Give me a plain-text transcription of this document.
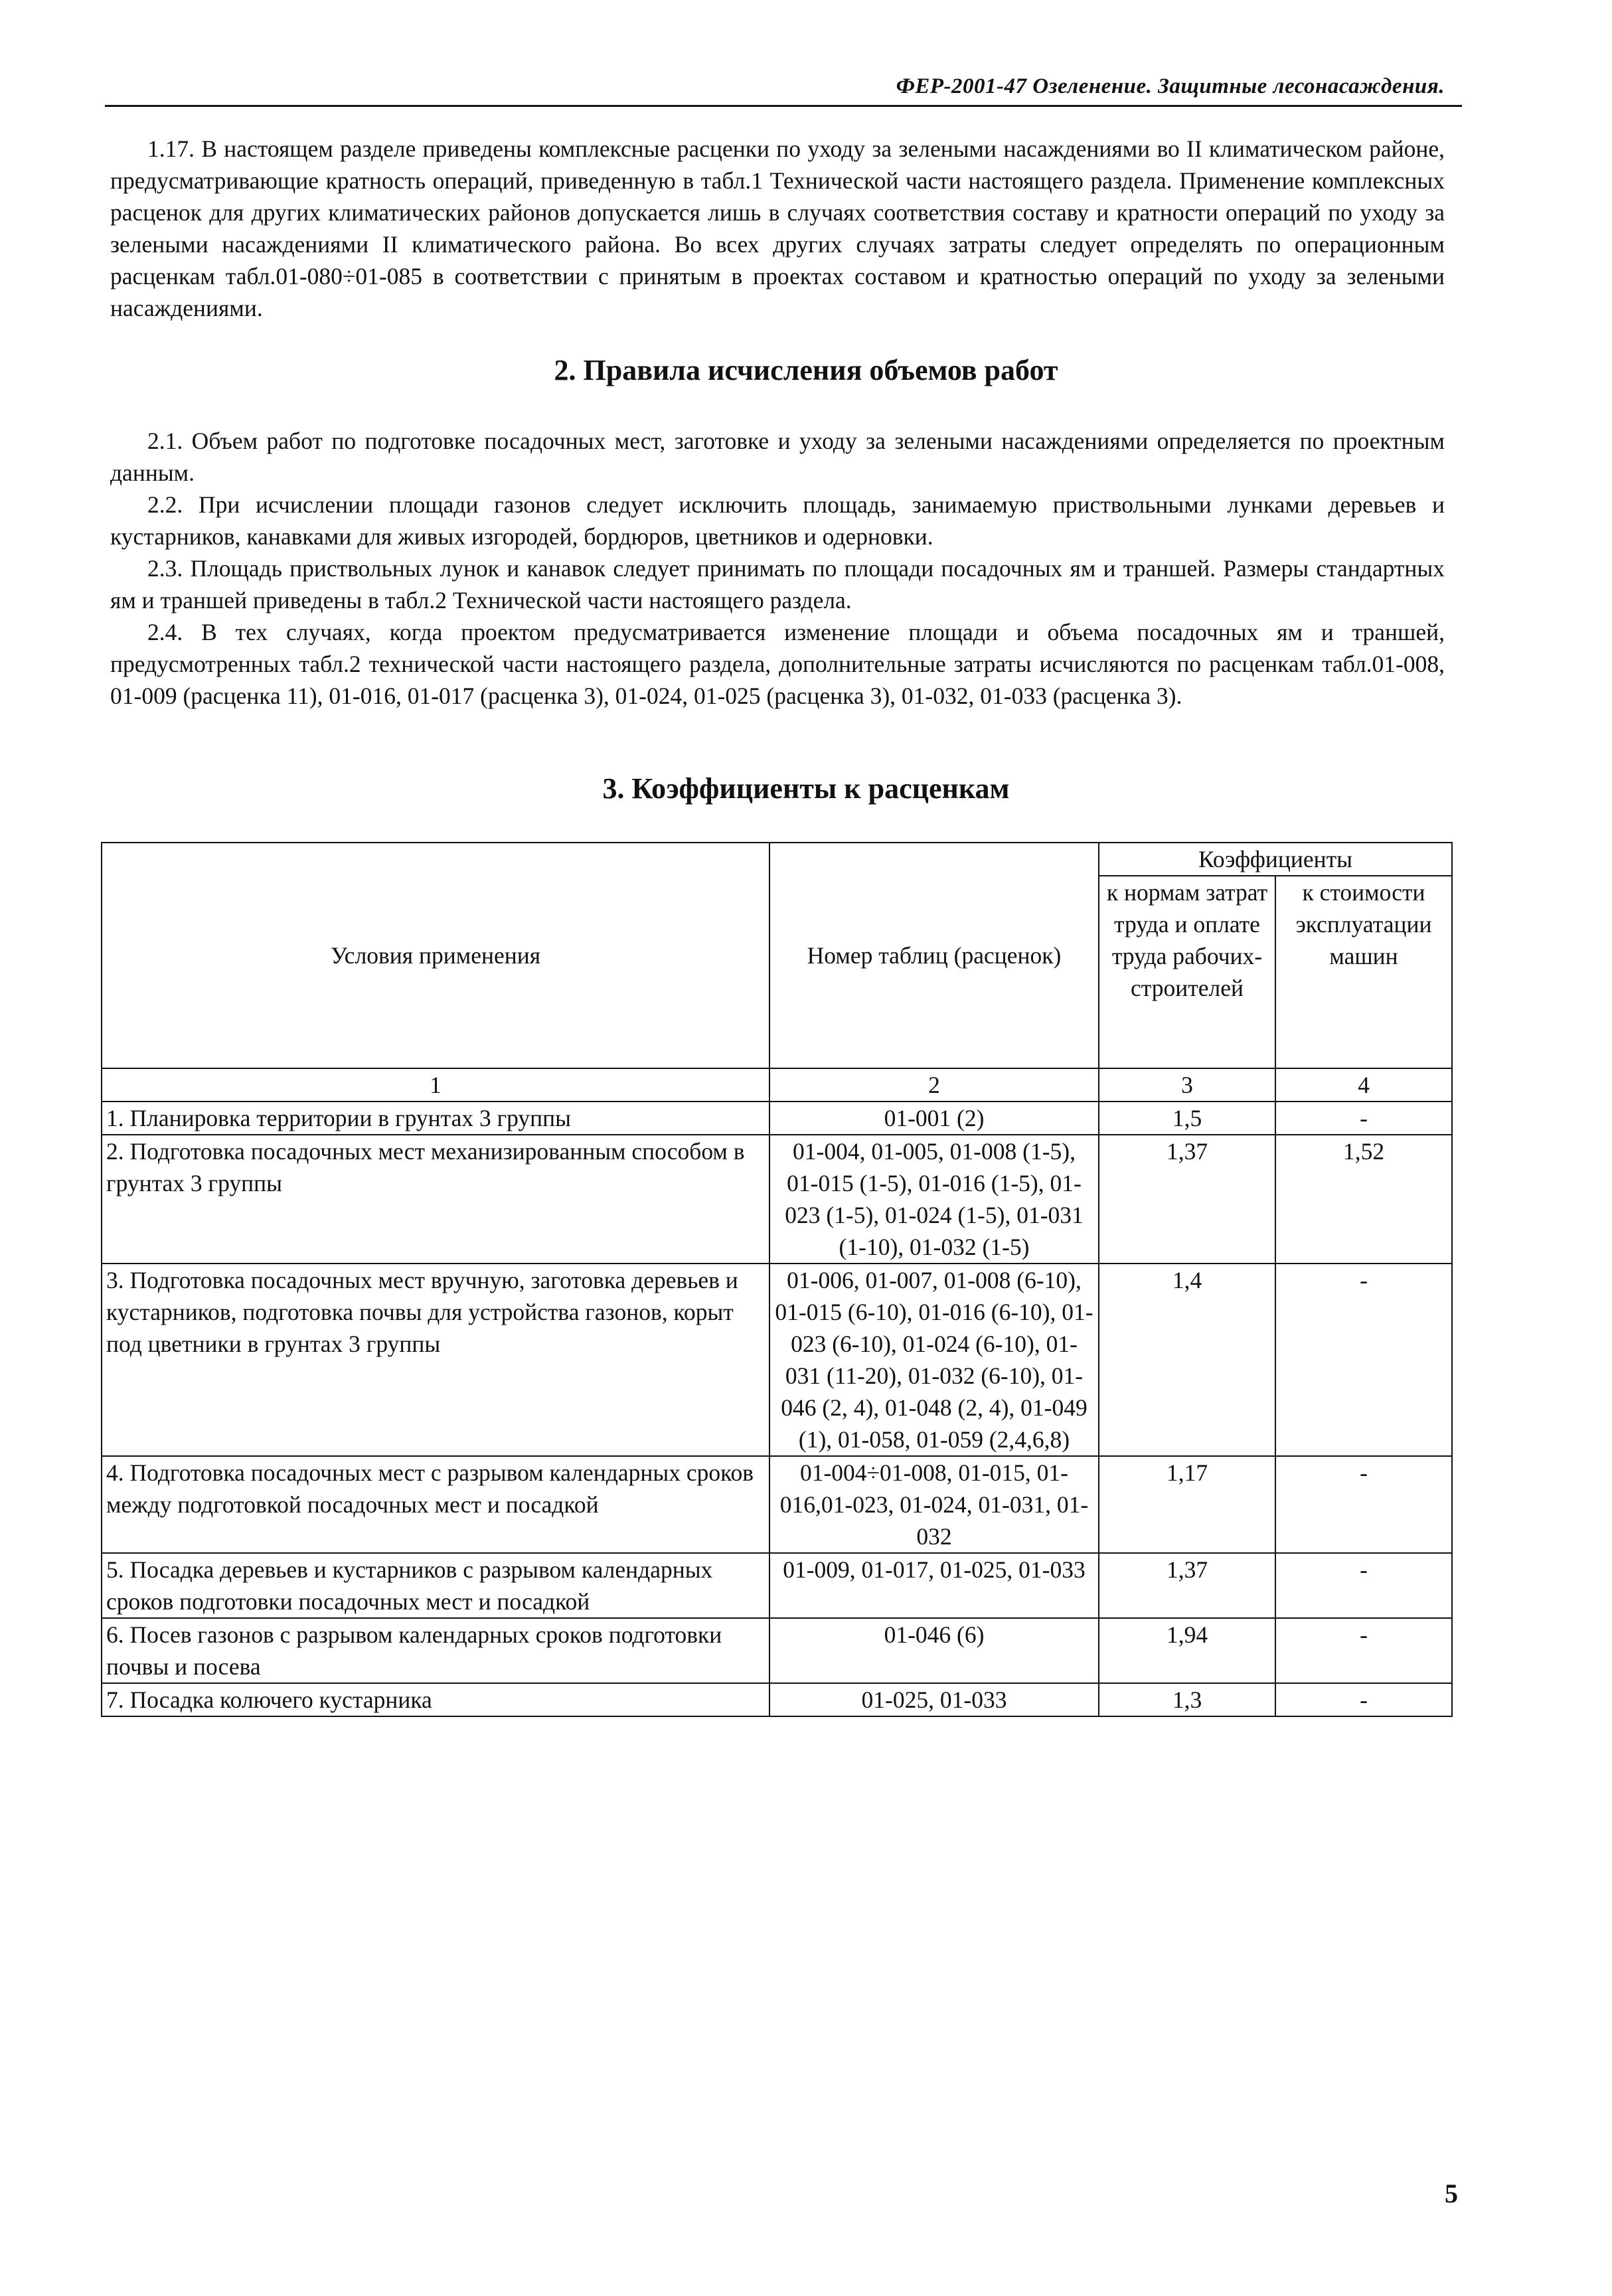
ФЕР-2001-47 Озеленение. Защитные лесонасаждения.

1.17. В настоящем разделе приведены комплексные расценки по уходу за зелеными насаждениями во II климатическом районе, предусматривающие кратность операций, приведенную в табл.1 Технической части настоящего раздела. Применение комплексных расценок для других климатических районов допускается лишь в случаях соответствия составу и кратности операций по уходу за зелеными насаждениями II климатического района. Во всех других случаях затраты следует определять по операционным расценкам табл.01-080÷01-085 в соответствии с принятым в проектах составом и кратностью операций по уходу за зелеными насаждениями.

2. Правила исчисления объемов работ

2.1. Объем работ по подготовке посадочных мест, заготовке и уходу за зелеными насаждениями определяется по проектным данным.

2.2. При исчислении площади газонов следует исключить площадь, занимаемую приствольными лунками деревьев и кустарников, канавками для живых изгородей, бордюров, цветников и одерновки.

2.3. Площадь приствольных лунок и канавок следует принимать по площади посадочных ям и траншей. Размеры стандартных ям и траншей приведены в табл.2 Технической части настоящего раздела.

2.4. В тех случаях, когда проектом предусматривается изменение площади и объема посадочных ям и траншей, предусмотренных табл.2 технической части настоящего раздела, дополнительные затраты исчисляются по расценкам табл.01-008, 01-009 (расценка 11), 01-016, 01-017 (расценка 3), 01-024, 01-025 (расценка 3), 01-032, 01-033 (расценка 3).

3. Коэффициенты к расценкам
Условия применения	Номер таблиц (расценок)	Коэффициенты	
		к нормам затрат труда и оплате труда рабочих-строителей	к стоимости эксплуатации машин
1	2	3	4
1. Планировка территории в грунтах 3 группы	01-001 (2)	1,5	-
2. Подготовка посадочных мест механизированным способом в грунтах 3 группы	01-004, 01-005, 01-008 (1-5), 01-015 (1-5), 01-016 (1-5), 01-023 (1-5), 01-024 (1-5), 01-031 (1-10), 01-032 (1-5)	1,37	1,52
3. Подготовка посадочных мест вручную, заготовка деревьев и кустарников, подготовка почвы для устройства газонов, корыт под цветники в грунтах 3 группы	01-006, 01-007, 01-008 (6-10), 01-015 (6-10), 01-016 (6-10), 01-023 (6-10), 01-024 (6-10), 01-031 (11-20), 01-032 (6-10), 01-046 (2, 4), 01-048 (2, 4), 01-049 (1), 01-058, 01-059 (2,4,6,8)	1,4	-
4. Подготовка посадочных мест с разрывом календарных сроков между подготовкой посадочных мест и посадкой	01-004÷01-008, 01-015, 01-016,01-023, 01-024, 01-031, 01-032	1,17	-
5. Посадка деревьев и кустарников с разрывом календарных сроков подготовки посадочных мест и посадкой	01-009, 01-017, 01-025, 01-033	1,37	-
6. Посев газонов с разрывом календарных сроков подготовки почвы и посева	01-046 (6)	1,94	-
7. Посадка колючего кустарника	01-025, 01-033	1,3	-
5
